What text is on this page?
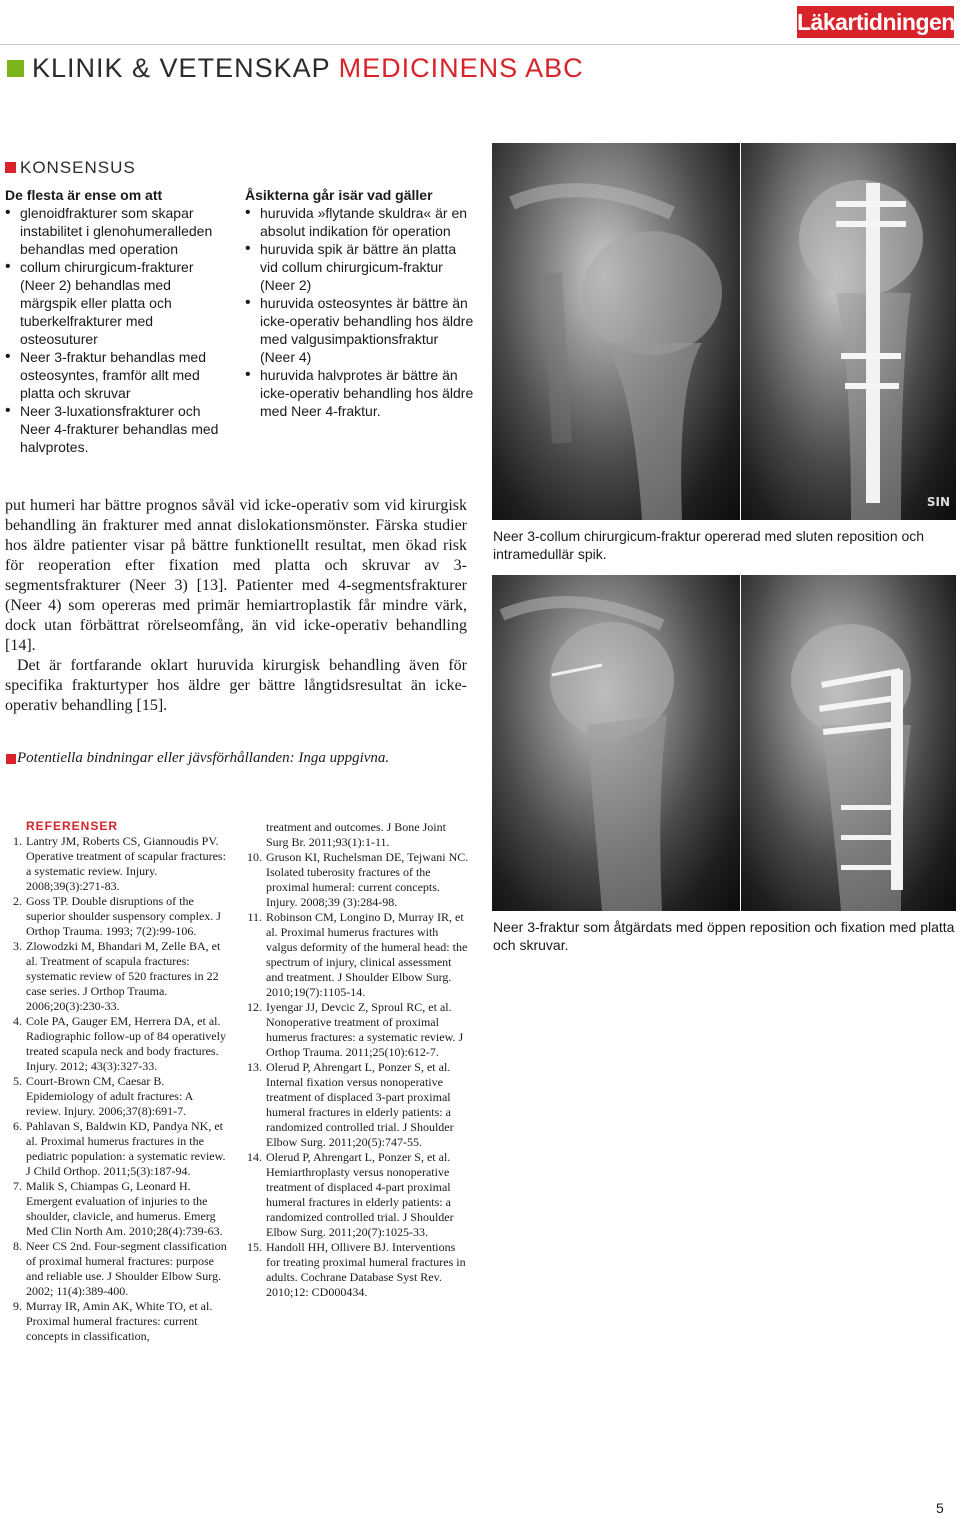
Läkartidningen
KLINIK & VETENSKAP MEDICINENS ABC
KONSENSUS
De flesta är ense om att
• glenoidfrakturer som skapar instabilitet i glenohumeralleden behandlas med operation
• collum chirurgicum-frakturer (Neer 2) behandlas med märgspik eller platta och tuberkelfrakturer med osteosuturer
• Neer 3-fraktur behandlas med osteosyntes, framför allt med platta och skruvar
• Neer 3-luxationsfrakturer och Neer 4-frakturer behandlas med halvprotes.
Åsikterna går isär vad gäller
• huruvida »flytande skuldra« är en absolut indikation för operation
• huruvida spik är bättre än platta vid collum chirurgicum-fraktur (Neer 2)
• huruvida osteosyntes är bättre än icke-operativ behandling hos äldre med valgusimpaktionsfraktur (Neer 4)
• huruvida halvprotes är bättre än icke-operativ behandling hos äldre med Neer 4-fraktur.
SIN
Neer 3-collum chirurgicum-fraktur opererad med sluten reposition och intramedullär spik.
Neer 3-fraktur som åtgärdats med öppen reposition och fixation med platta och skruvar.

put humeri har bättre prognos såväl vid icke-operativ som vid kirurgisk behandling än frakturer med annat dislokationsmönster. Färska studier hos äldre patienter visar på bättre funktionellt resultat, men ökad risk för reoperation efter fixation med platta och skruvar av 3-segmentsfrakturer (Neer 3) [13]. Patienter med 4-segmentsfrakturer (Neer 4) som opereras med primär hemiartroplastik får mindre värk, dock utan förbättrat rörelseomfång, än vid icke-operativ behandling [14].

Det är fortfarande oklart huruvida kirurgisk behandling även för specifika frakturtyper hos äldre ger bättre långtidsresultat än icke-operativ behandling [15].

Potentiella bindningar eller jävsförhållanden: Inga uppgivna.
REFERENSER
1. Lantry JM, Roberts CS, Giannoudis PV. Operative treatment of scapular fractures: a systematic review. Injury. 2008;39(3):271-83.
2. Goss TP. Double disruptions of the superior shoulder suspensory complex. J Orthop Trauma. 1993; 7(2):99-106.
3. Zlowodzki M, Bhandari M, Zelle BA, et al. Treatment of scapula fractures: systematic review of 520 fractures in 22 case series. J Orthop Trauma. 2006;20(3):230-33.
4. Cole PA, Gauger EM, Herrera DA, et al. Radiographic follow-up of 84 operatively treated scapula neck and body fractures. Injury. 2012; 43(3):327-33.
5. Court-Brown CM, Caesar B. Epidemiology of adult fractures: A review. Injury. 2006;37(8):691-7.
6. Pahlavan S, Baldwin KD, Pandya NK, et al. Proximal humerus fractures in the pediatric population: a systematic review. J Child Orthop. 2011;5(3):187-94.
7. Malik S, Chiampas G, Leonard H. Emergent evaluation of injuries to the shoulder, clavicle, and humerus. Emerg Med Clin North Am. 2010;28(4):739-63.
8. Neer CS 2nd. Four-segment classification of proximal humeral fractures: purpose and reliable use. J Shoulder Elbow Surg. 2002; 11(4):389-400.
9. Murray IR, Amin AK, White TO, et al. Proximal humeral fractures: current concepts in classification,
treatment and outcomes. J Bone Joint Surg Br. 2011;93(1):1-11.
10. Gruson KI, Ruchelsman DE, Tejwani NC. Isolated tuberosity fractures of the proximal humeral: current concepts. Injury. 2008;39 (3):284-98.
11. Robinson CM, Longino D, Murray IR, et al. Proximal humerus fractures with valgus deformity of the humeral head: the spectrum of injury, clinical assessment and treatment. J Shoulder Elbow Surg. 2010;19(7):1105-14.
12. Iyengar JJ, Devcic Z, Sproul RC, et al. Nonoperative treatment of proximal humerus fractures: a systematic review. J Orthop Trauma. 2011;25(10):612-7.
13. Olerud P, Ahrengart L, Ponzer S, et al. Internal fixation versus nonoperative treatment of displaced 3-part proximal humeral fractures in elderly patients: a randomized controlled trial. J Shoulder Elbow Surg. 2011;20(5):747-55.
14. Olerud P, Ahrengart L, Ponzer S, et al. Hemiarthroplasty versus nonoperative treatment of displaced 4-part proximal humeral fractures in elderly patients: a randomized controlled trial. J Shoulder Elbow Surg. 2011;20(7):1025-33.
15. Handoll HH, Ollivere BJ. Interventions for treating proximal humeral fractures in adults. Cochrane Database Syst Rev. 2010;12: CD000434.
5
